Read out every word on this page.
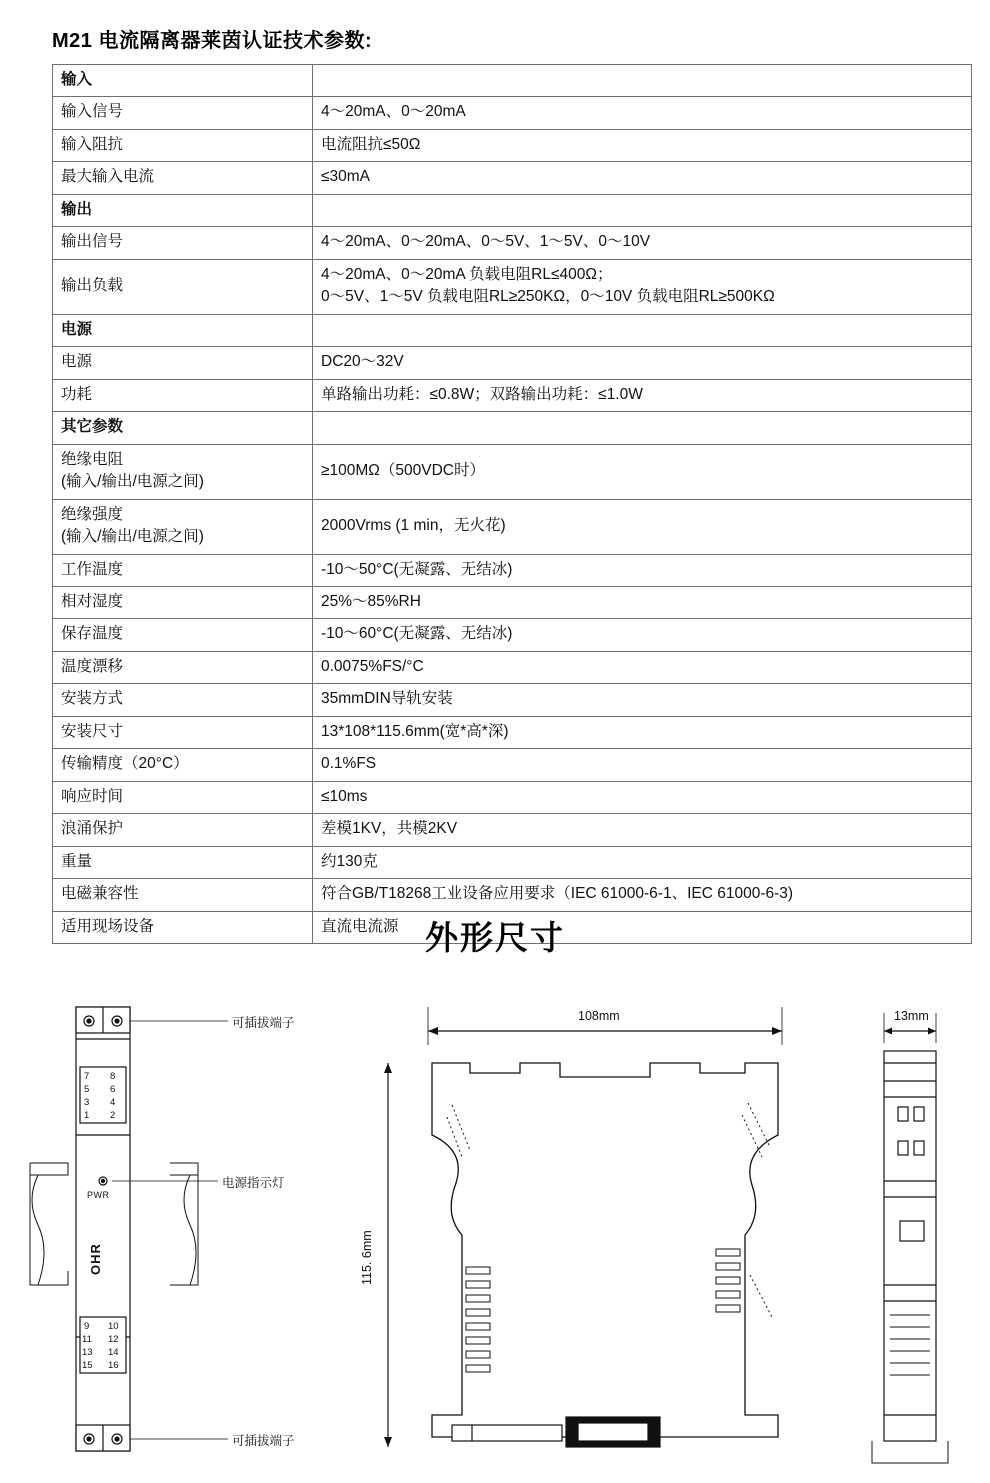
M21 电流隔离器莱茵认证技术参数:
输入	
输入信号	4～20mA、0～20mA
输入阻抗	电流阻抗≤50Ω
最大输入电流	≤30mA
输出	
输出信号	4～20mA、0～20mA、0～5V、1～5V、0～10V
输出负载	4～20mA、0～20mA 负载电阻RL≤400Ω；
0～5V、1～5V 负载电阻RL≥250KΩ，0～10V 负载电阻RL≥500KΩ

电源	
电源	DC20～32V
功耗	单路输出功耗：≤0.8W；双路输出功耗：≤1.0W
其它参数	

绝缘电阻
(输入/输出/电源之间)	≥100MΩ（500VDC时）

绝缘强度
(输入/输出/电源之间)	2000Vrms (1 min，无火花)
工作温度	-10～50°C(无凝露、无结冰)
相对湿度	25%～85%RH
保存温度	-10～60°C(无凝露、无结冰)
温度漂移	0.0075%FS/°C
安装方式	35mmDIN导轨安装
安装尺寸	13*108*115.6mm(宽*高*深)
传输精度（20°C）	0.1%FS
响应时间	≤10ms
浪涌保护	差模1KV，共模2KV
重量	约130克
电磁兼容性	符合GB/T18268工业设备应用要求（IEC 61000-6-1、IEC 61000-6-3)
适用现场设备	直流电流源 外形尺寸
7 8
5 6
3 4
1 2
9 10
11 12
13 14
15 16
可插拔端子
电源指示灯
可插拔端子
PWR
OHR
108mm
115. 6mm
13mm
